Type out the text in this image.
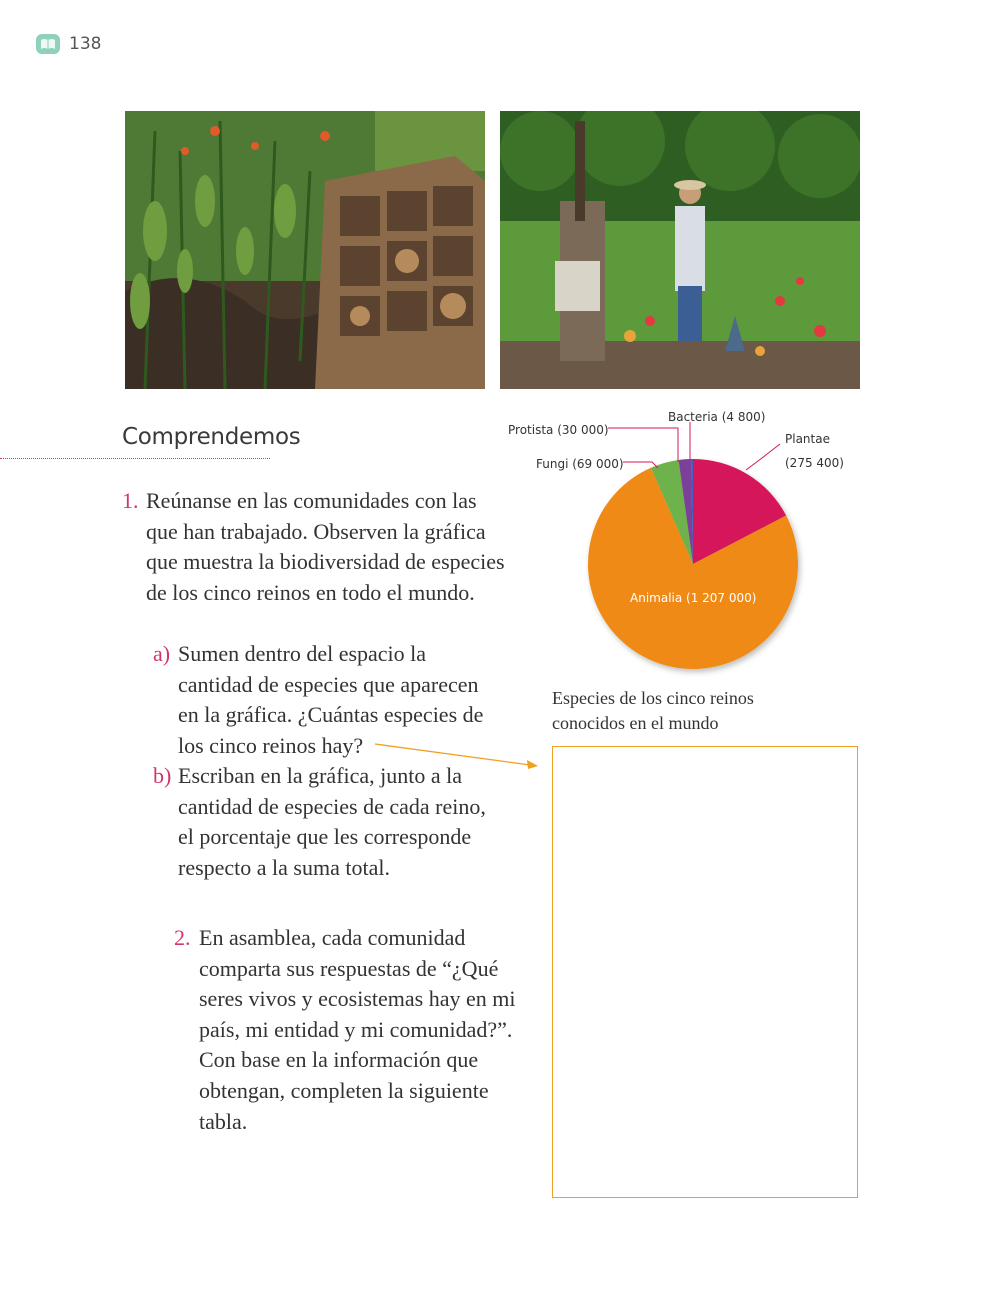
138
Comprendemos
1. Reúnanse en las comunidades con las que han trabajado. Observen la gráfica que muestra la biodiversidad de especies de los cinco reinos en todo el mundo.
a) Sumen dentro del espacio la cantidad de especies que aparecen en la gráfica. ¿Cuántas especies de los cinco reinos hay?
b) Escriban en la gráfica, junto a la cantidad de especies de cada reino, el porcentaje que les corresponde respecto a la suma total.
2. En asamblea, cada comunidad comparta sus respuestas de “¿Qué seres vivos y ecosistemas hay en mi país, mi entidad y mi comunidad?”. Con base en la información que obtengan, completen la siguiente tabla.
Protista (30 000)
Bacteria (4 800)
Fungi (69 000)
Plantae
(275 400)
Animalia (1 207 000)
Especies de los cinco reinos
conocidos en el mundo
